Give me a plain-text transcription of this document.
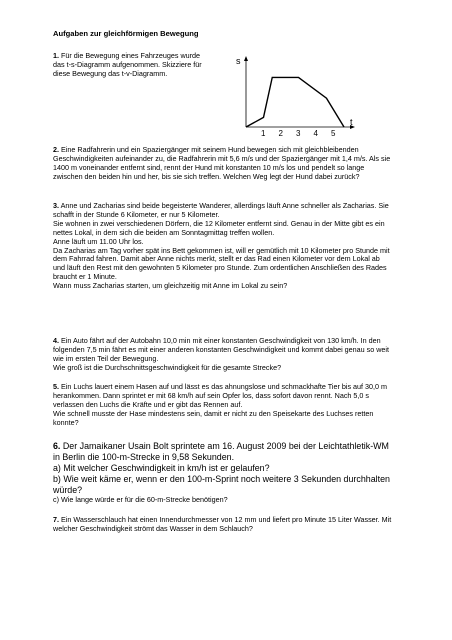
Aufgaben zur gleichförmigen Bewegung

1. Für die Bewegung eines Fahrzeuges wurde das t-s-Diagramm aufgenommen. Skizziere für diese Bewegung das t-v-Diagramm.

s
t
1 2 3 4 5

2. Eine Radfahrerin und ein Spaziergänger mit seinem Hund bewegen sich mit gleichbleibenden Geschwindigkeiten aufeinander zu, die Radfahrerin mit 5,6 m/s und der Spaziergänger mit 1,4 m/s. Als sie 1400 m voneinander entfernt sind, rennt der Hund mit konstanten 10 m/s los und pendelt so lange zwischen den beiden hin und her, bis sie sich treffen. Welchen Weg legt der Hund dabei zurück?

3. Anne und Zacharias sind beide begeisterte Wanderer, allerdings läuft Anne schneller als Zacharias. Sie schafft in der Stunde 6 Kilometer, er nur 5 Kilometer.

Sie wohnen in zwei verschiedenen Dörfern, die 12 Kilometer entfernt sind. Genau in der Mitte gibt es ein nettes Lokal, in dem sich die beiden am Sonntagmittag treffen wollen.

Anne läuft um 11.00 Uhr los.

Da Zacharias am Tag vorher spät ins Bett gekommen ist, will er gemütlich mit 10 Kilometer pro Stunde mit dem Fahrrad fahren. Damit aber Anne nichts merkt, stellt er das Rad einen Kilometer vor dem Lokal ab und läuft den Rest mit den gewohnten 5 Kilometer pro Stunde. Zum ordentlichen Anschließen des Rades braucht er 1 Minute.

Wann muss Zacharias starten, um gleichzeitig mit Anne im Lokal zu sein?

4. Ein Auto fährt auf der Autobahn 10,0 min mit einer konstanten Geschwindigkeit von 130 km/h. In den folgenden 7,5 min fährt es mit einer anderen konstanten Geschwindigkeit und kommt dabei genau so weit wie im ersten Teil der Bewegung.

Wie groß ist die Durchschnittsgeschwindigkeit für die gesamte Strecke?

5. Ein Luchs lauert einem Hasen auf und lässt es das ahnungslose und schmackhafte Tier bis auf 30,0 m herankommen. Dann sprintet er mit 68 km/h auf sein Opfer los, dass sofort davon rennt. Nach 5,0 s verlassen den Luchs die Kräfte und er gibt das Rennen auf.

Wie schnell musste der Hase mindestens sein, damit er nicht zu den Speisekarte des Luchses retten konnte?

6. Der Jamaikaner Usain Bolt sprintete am 16. August 2009 bei der Leichtathletik-WM in Berlin die 100-m-Strecke in 9,58 Sekunden.

a) Mit welcher Geschwindigkeit in km/h ist er gelaufen?

b) Wie weit käme er, wenn er den 100-m-Sprint noch weitere 3 Sekunden durchhalten würde?

c) Wie lange würde er für die 60-m-Strecke benötigen?

7. Ein Wasserschlauch hat einen Innendurchmesser von 12 mm und liefert pro Minute 15 Liter Wasser. Mit welcher Geschwindigkeit strömt das Wasser in dem Schlauch?
